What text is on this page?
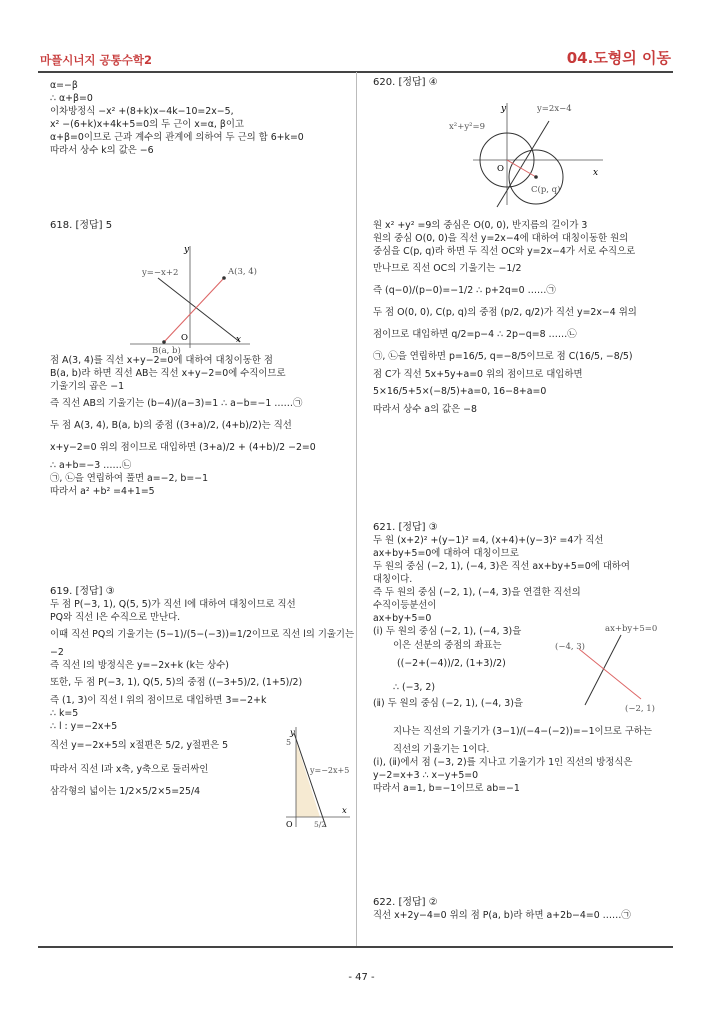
마플시너지 공통수학2	04.도형의 이동
- 47 -
α=−β
∴ α+β=0
이차방정식 −x² +(8+k)x−4k−10=2x−5,
x² −(6+k)x+4k+5=0의 두 근이 x=α, β이고
α+β=0이므로 근과 계수의 관계에 의하여 두 근의 합 6+k=0
따라서 상수 k의 값은 −6
618. [정답] 5
x
y
y=−x+2	A(3, 4)
B(a, b)
O
점 A(3, 4)를 직선 x+y−2=0에 대하여 대칭이동한 점
B(a, b)라 하면 직선 AB는 직선 x+y−2=0에 수직이므로
기울기의 곱은 −1
즉 직선 AB의 기울기는 (b−4)/(a−3)=1 ∴ a−b=−1 ……㉠
두 점 A(3, 4), B(a, b)의 중점 ((3+a)/2, (4+b)/2)는 직선
x+y−2=0 위의 점이므로 대입하면 (3+a)/2 + (4+b)/2 −2=0
∴ a+b=−3 ……㉡
㉠, ㉡을 연립하여 풀면 a=−2, b=−1
따라서 a² +b² =4+1=5
619. [정답] ③
두 점 P(−3, 1), Q(5, 5)가 직선 l에 대하여 대칭이므로 직선
PQ와 직선 l은 수직으로 만난다.
이때 직선 PQ의 기울기는 (5−1)/(5−(−3))=1/2이므로 직선 l의 기울기는
−2
즉 직선 l의 방정식은 y=−2x+k (k는 상수)
또한, 두 점 P(−3, 1), Q(5, 5)의 중점 ((−3+5)/2, (1+5)/2)
즉 (1, 3)이 직선 l 위의 점이므로 대입하면 3=−2+k
∴ k=5
∴ l : y=−2x+5
직선 y=−2x+5의 x절편은 5/2, y절편은 5
따라서 직선 l과 x축, y축으로 둘러싸인
삼각형의 넓이는 1/2×5/2×5=25/4
y
x
5
5/2
O
y=−2x+5
620. [정답] ④
x
y
x²+y²=9
y=2x−4
C(p, q)
O
원 x² +y² =9의 중심은 O(0, 0), 반지름의 길이가 3
원의 중심 O(0, 0)을 직선 y=2x−4에 대하여 대칭이동한 원의
중심을 C(p, q)라 하면 두 직선 OC와 y=2x−4가 서로 수직으로
만나므로 직선 OC의 기울기는 −1/2
즉 (q−0)/(p−0)=−1/2 ∴ p+2q=0 ……㉠
두 점 O(0, 0), C(p, q)의 중점 (p/2, q/2)가 직선 y=2x−4 위의
점이므로 대입하면 q/2=p−4 ∴ 2p−q=8 ……㉡
㉠, ㉡을 연립하면 p=16/5, q=−8/5이므로 점 C(16/5, −8/5)
점 C가 직선 5x+5y+a=0 위의 점이므로 대입하면
5×16/5+5×(−8/5)+a=0, 16−8+a=0
따라서 상수 a의 값은 −8
621. [정답] ③
두 원 (x+2)² +(y−1)² =4, (x+4)+(y−3)² =4가 직선
ax+by+5=0에 대하여 대칭이므로
두 원의 중심 (−2, 1), (−4, 3)은 직선 ax+by+5=0에 대하여
대칭이다.
즉 두 원의 중심 (−2, 1), (−4, 3)을 연결한 직선의
수직이등분선이
ax+by+5=0
(ⅰ) 두 원의 중심 (−2, 1), (−4, 3)을
이은 선분의 중점의 좌표는
((−2+(−4))/2, (1+3)/2)
∴ (−3, 2)
(ⅱ) 두 원의 중심 (−2, 1), (−4, 3)을
ax+by+5=0
(−4, 3)
(−2, 1)
지나는 직선의 기울기가 (3−1)/(−4−(−2))=−1이므로 구하는
직선의 기울기는 1이다.
(ⅰ), (ⅱ)에서 점 (−3, 2)를 지나고 기울기가 1인 직선의 방정식은
y−2=x+3 ∴ x−y+5=0
따라서 a=1, b=−1이므로 ab=−1
622. [정답] ②
직선 x+2y−4=0 위의 점 P(a, b)라 하면 a+2b−4=0 ……㉠
